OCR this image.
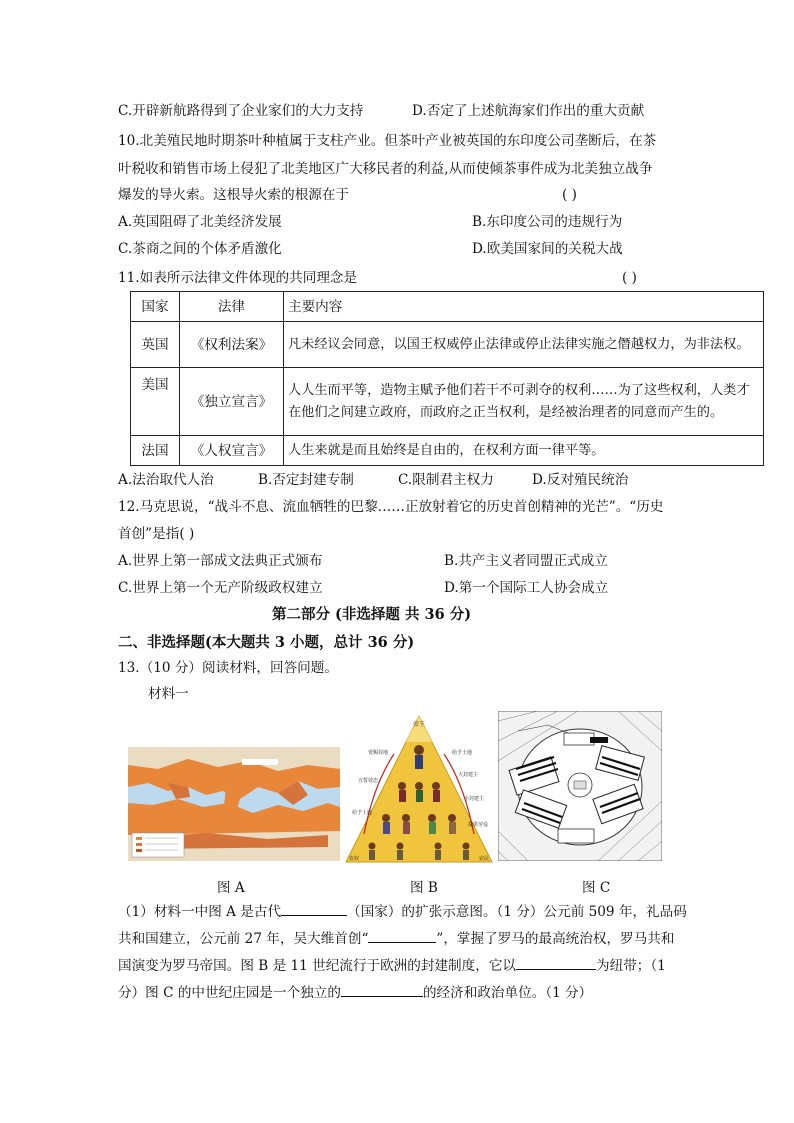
C.开辟新航路得到了企业家们的大力支持	D.否定了上述航海家们作出的重大贡献
10.北美殖民地时期茶叶种植属于支柱产业。但茶叶产业被英国的东印度公司垄断后，在茶
叶税收和销售市场上侵犯了北美地区广大移民者的利益,从而使倾茶事件成为北美独立战争
爆发的导火索。这根导火索的根源在于	( )
A.英国阻碍了北美经济发展	B.东印度公司的违规行为
C.茶商之间的个体矛盾激化	D.欧美国家间的关税大战
11.如表所示法律文件体现的共同理念是	( )
国家	法律	主要内容
英国	《权利法案》	凡未经议会同意，以国王权威停止法律或停止法律实施之僭越权力，为非法权。
美国	《独立宣言》	人人生而平等，造物主赋予他们若干不可剥夺的权利……为了这些权利，人类才
在他们之间建立政府，而政府之正当权利，是经被治理者的同意而产生的。

法国	《人权宣言》	人生来就是而且始终是自由的，在权利方面一律平等。
A.法治取代人治	B.否定封建专制	C.限制君主权力	D.反对殖民统治
12.马克思说，“战斗不息、流血牺牲的巴黎……正放射着它的历史首创精神的光芒”。“历史
首创”是指( )
A.世界上第一部成文法典正式颁布	B.共产主义者同盟正式成立
C.世界上第一个无产阶级政权建立	D.第一个国际工人协会成立
第二部分 (非选择题 共 36 分)
二、非选择题(本大题共 3 小题，总计 36 分)
13.（10 分）阅读材料，回答问题。
材料一
帝王
赏赐封地
宣誓效忠
给予土地
给予土地
大封建主
小封建主
提供劳役
农奴	农民
图 A	图 B	图 C
（1）材料一中图 A 是古代	（国家）的扩张示意图。（1 分）公元前 509 年，礼品码
共和国建立，公元前 27 年，吴大维首创“	”，掌握了罗马的最高统治权，罗马共和
国演变为罗马帝国。图 B 是 11 世纪流行于欧洲的封建制度，它以	为纽带；（1
分）图 C 的中世纪庄园是一个独立的	的经济和政治单位。（1 分）
